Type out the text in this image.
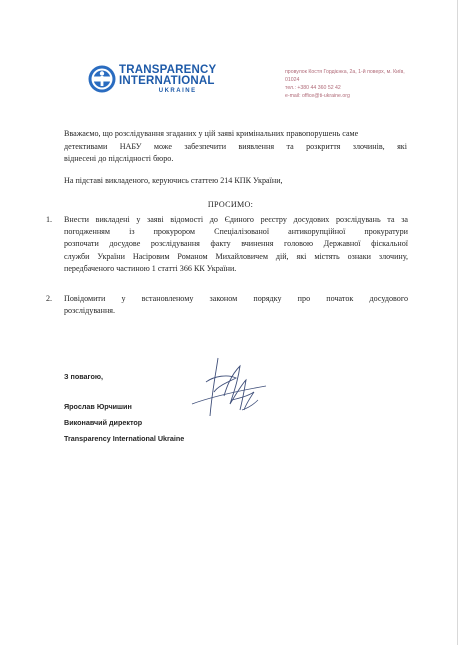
TRANSPARENCY
INTERNATIONAL
UKRAINE
провулок Костя Гордієнка, 2а, 1-й поверх, м. Київ,
01024
тел.: +380 44 360 52 42
e-mail: office@ti-ukraine.org
Вважаємо, що розслідування згаданих у цій заяві кримінальних правопорушень саме
детективами НАБУ може забезпечити виявлення та розкриття злочинів, які
віднесені до підслідності бюро.
На підставі викладеного, керуючись статтею 214 КПК України,
ПРОСИМО:
1.	Внести викладені у заяві відомості до Єдиного реєстру досудових розслідувань та за
погодженням із прокурором Спеціалізованої антикорупційної прокуратури
розпочати досудове розслідування факту вчинення головою Державної фіскальної
служби України Насіровим Романом Михайловичем дій, які містять ознаки злочину,
передбаченого частиною 1 статті 366 КК України.
2.	Повідомити у встановленому законом порядку про початок досудового
розслідування.
З повагою,
Ярослав Юрчишин
Виконавчий директор
Transparency International Ukraine
